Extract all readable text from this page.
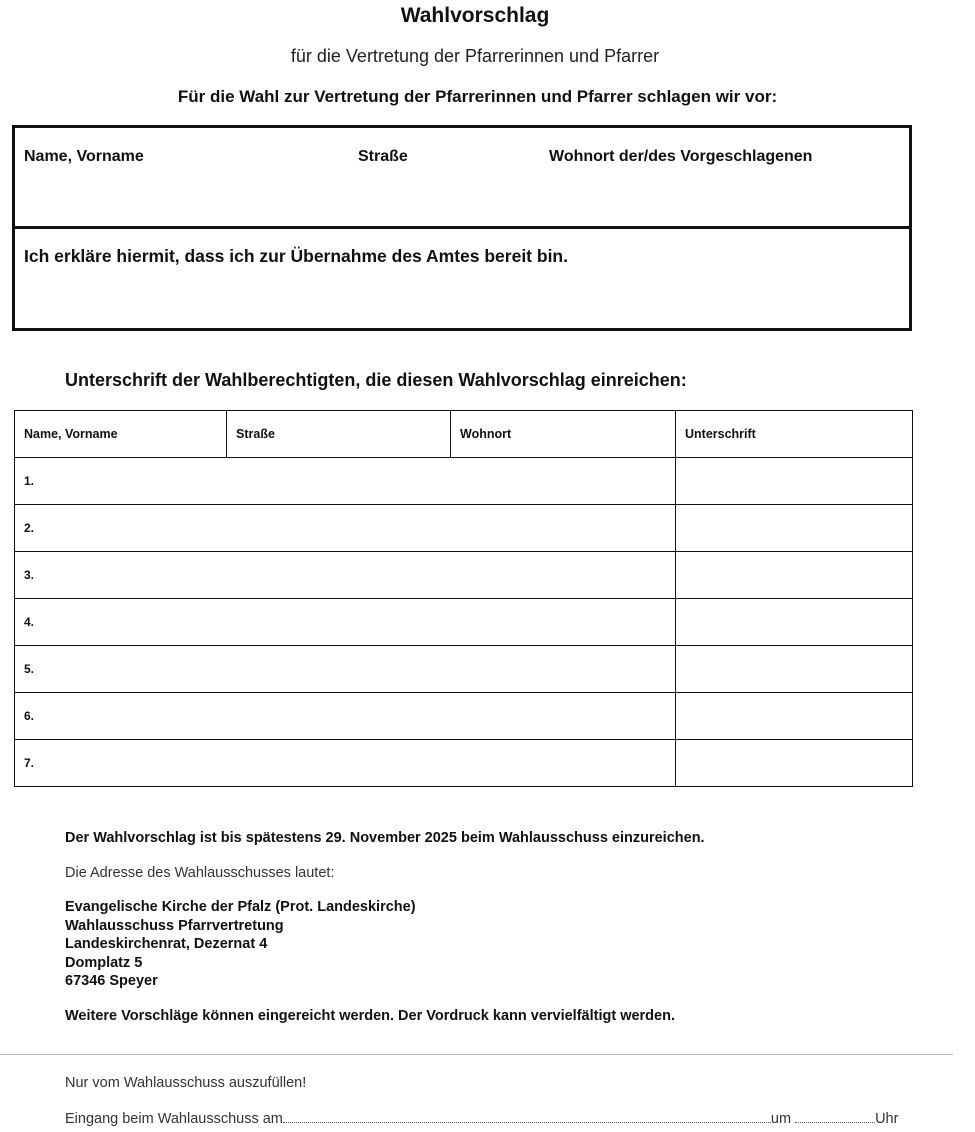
Wahlvorschlag
für die Vertretung der Pfarrerinnen und Pfarrer
Für die Wahl zur Vertretung der Pfarrerinnen und Pfarrer schlagen wir vor:
Name, Vorname	Straße	Wohnort der/des Vorgeschlagenen
Ich erkläre hiermit, dass ich zur Übernahme des Amtes bereit bin.
Unterschrift der Wahlberechtigten, die diesen Wahlvorschlag einreichen:
Name, Vorname	Straße	Wohnort	Unterschrift
1.			
2.			
3.			
4.			
5.			
6.			
7.			
Der Wahlvorschlag ist bis spätestens 29. November 2025 beim Wahlausschuss einzureichen.
Die Adresse des Wahlausschusses lautet:
Evangelische Kirche der Pfalz (Prot. Landeskirche)
Wahlausschuss Pfarrvertretung
Landeskirchenrat, Dezernat 4
Domplatz 5
67346 Speyer
Weitere Vorschläge können eingereicht werden. Der Vordruck kann vervielfältigt werden.
Nur vom Wahlausschuss auszufüllen!
Eingang beim Wahlausschuss am	um	Uhr
